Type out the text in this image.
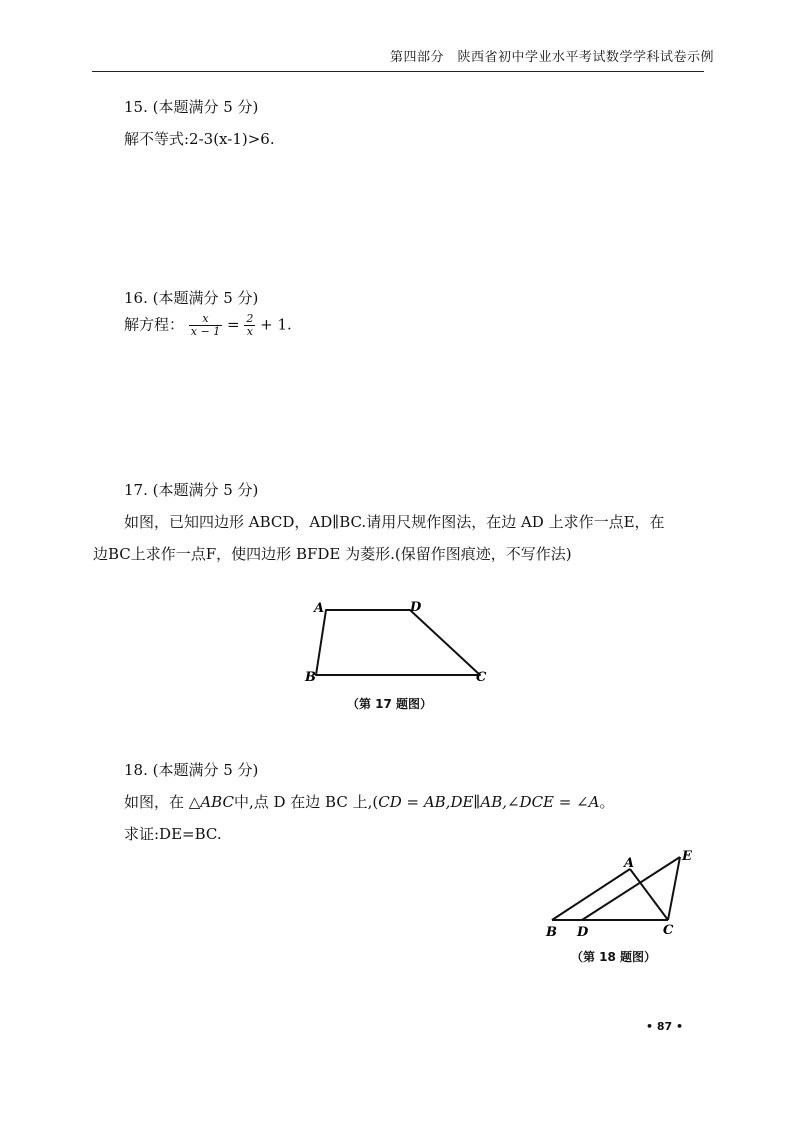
第四部分　陕西省初中学业水平考试数学学科试卷示例
15. (本题满分 5 分)
解不等式:2-3(x-1)>6.
16. (本题满分 5 分)
解方程： $\frac{x}{x - 1} = \frac{2}{x} + 1$.
17. (本题满分 5 分)
如图，已知四边形 ABCD，AD∥BC.请用尺规作图法，在边 AD 上求作一点E，在
边BC上求作一点F，使四边形 BFDE 为菱形.(保留作图痕迹，不写作法)
A	D
B	C
（第 17 题图）
18. (本题满分 5 分)
如图，在 △ABC中,点 D 在边 BC 上,(CD = AB,DE∥AB,∠DCE = ∠A。
求证:DE=BC.
A	E
B D	C
（第 18 题图）
• 87 •
